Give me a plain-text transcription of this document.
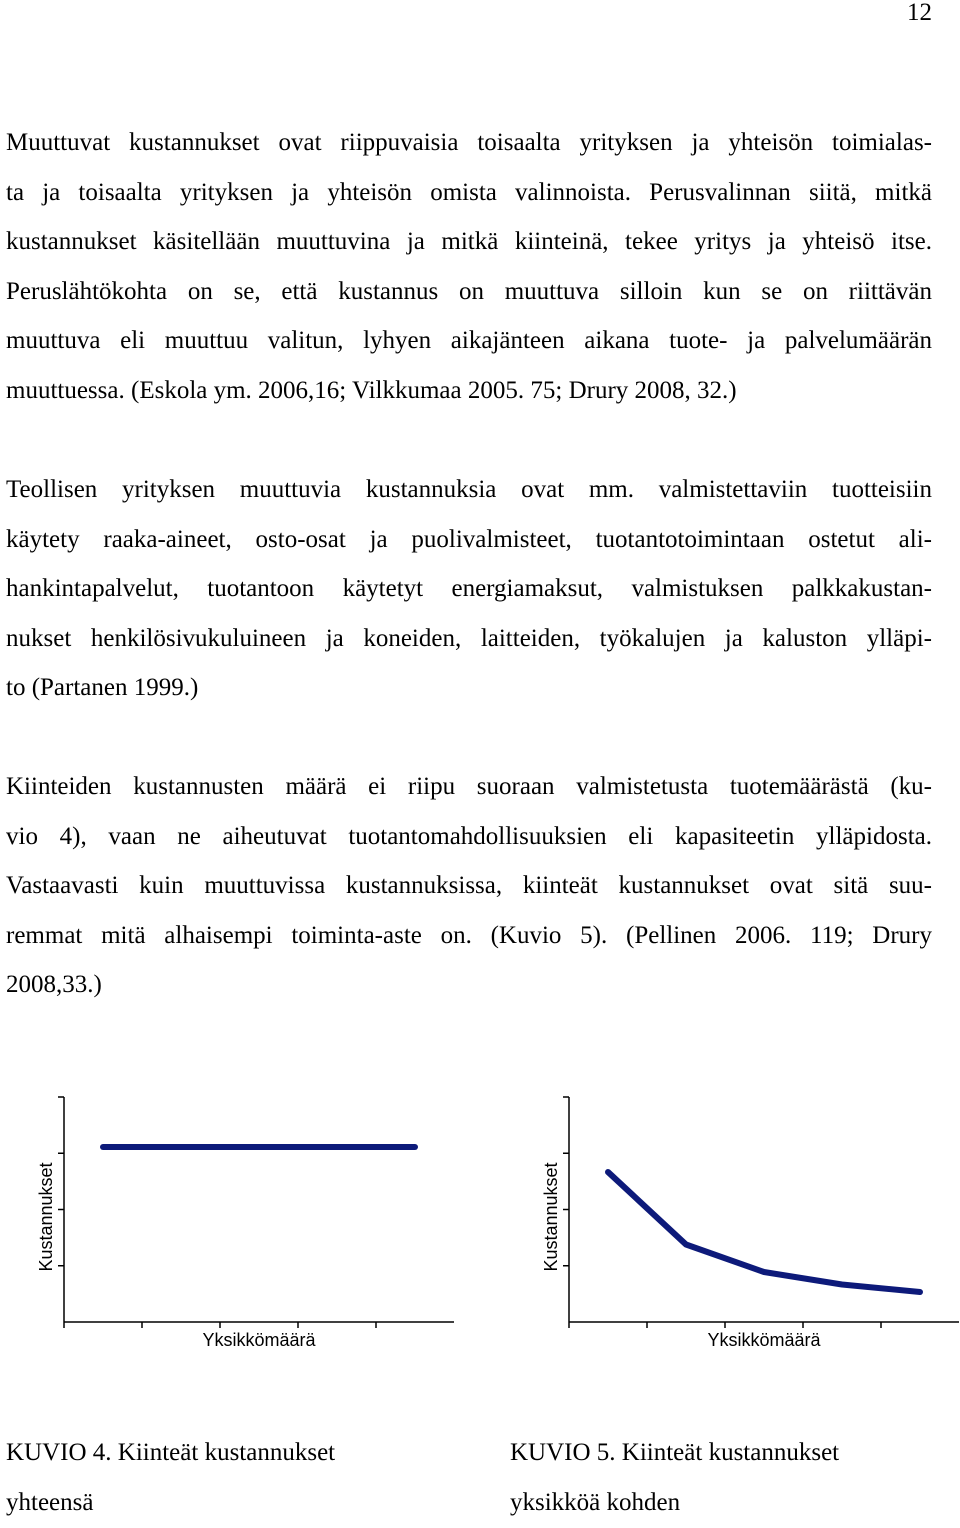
12

Muuttuvat kustannukset ovat riippuvaisia toisaalta yrityksen ja yhteisön toimialas-
ta ja toisaalta yrityksen ja yhteisön omista valinnoista. Perusvalinnan siitä, mitkä
kustannukset käsitellään muuttuvina ja mitkä kiinteinä, tekee yritys ja yhteisö itse.
Peruslähtökohta on se, että kustannus on muuttuva silloin kun se on riittävän
muuttuva eli muuttuu valitun, lyhyen aikajänteen aikana tuote- ja palvelumäärän
muuttuessa. (Eskola ym. 2006,16; Vilkkumaa 2005. 75; Drury 2008, 32.)

Teollisen yrityksen muuttuvia kustannuksia ovat mm. valmistettaviin tuotteisiin
käytety raaka-aineet, osto-osat ja puolivalmisteet, tuotantotoimintaan ostetut ali-
hankintapalvelut, tuotantoon käytetyt energiamaksut, valmistuksen palkkakustan-
nukset henkilösivukuluineen ja koneiden, laitteiden, työkalujen ja kaluston ylläpi-
to (Partanen 1999.)

Kiinteiden kustannusten määrä ei riipu suoraan valmistetusta tuotemäärästä (ku-
vio 4), vaan ne aiheutuvat tuotantomahdollisuuksien eli kapasiteetin ylläpidosta.
Vastaavasti kuin muuttuvissa kustannuksissa, kiinteät kustannukset ovat sitä suu-
remmat mitä alhaisempi toiminta-aste on. (Kuvio 5). (Pellinen 2006. 119; Drury
2008,33.)

Yksikkömäärä
Kustannukset
Yksikkömäärä
Kustannukset
KUVIO 4. Kiinteät kustannukset
yhteensä
KUVIO 5. Kiinteät kustannukset
yksikköä kohden
